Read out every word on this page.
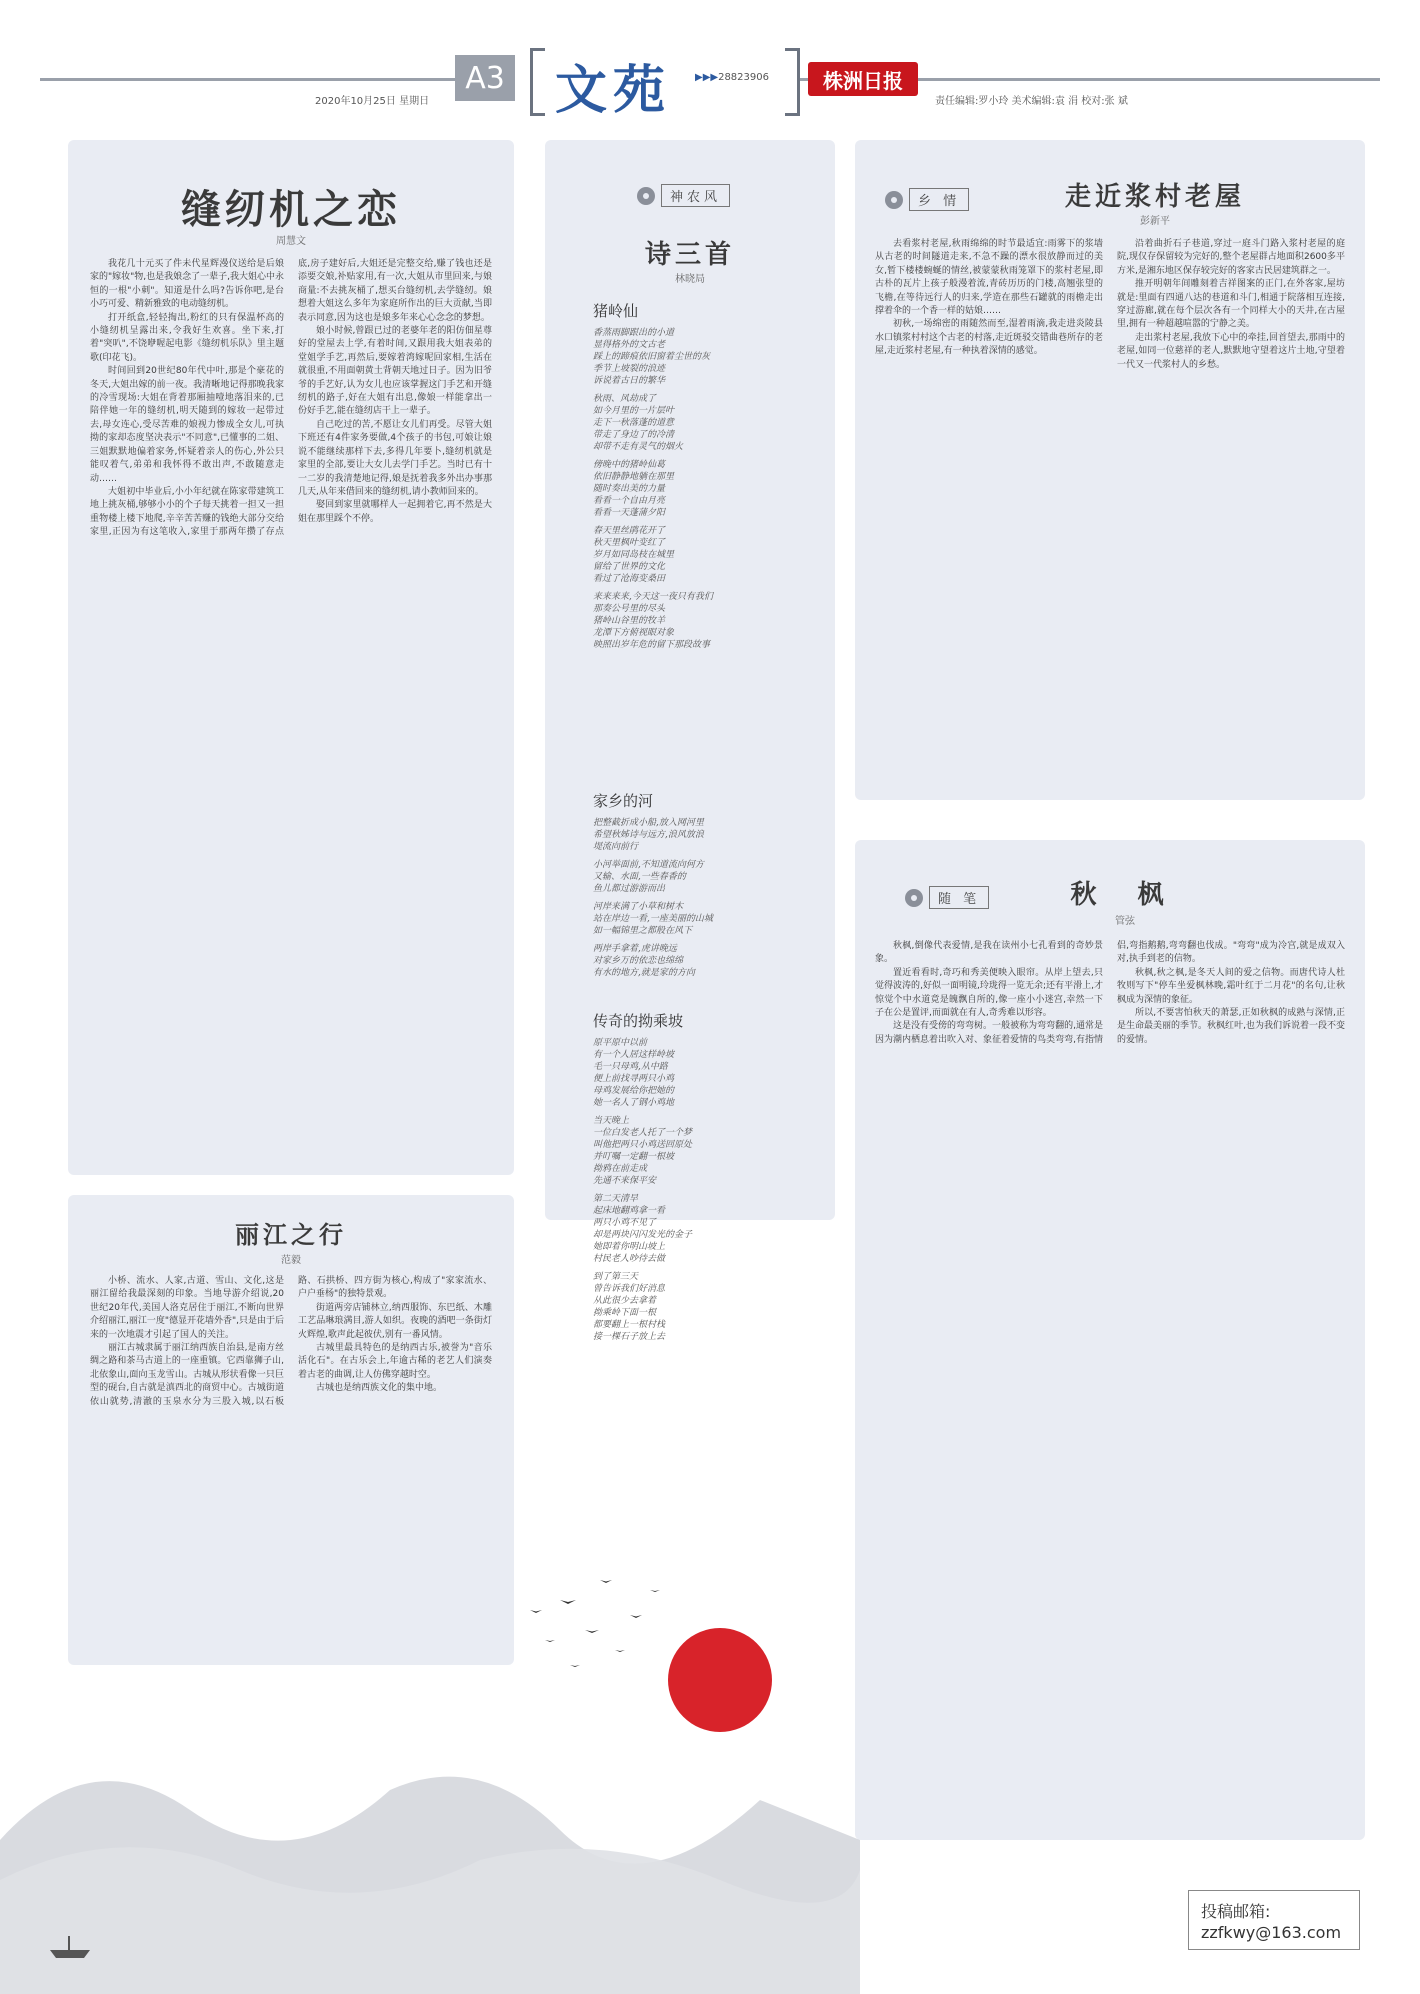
A3
2020年10月25日 星期日 文苑 ▶▶▶28823906	株洲日报
责任编辑:罗小玲 美术编辑:袁 涓 校对:张 斌
缝纫机之恋
周慧文

我花几十元买了件未代星辉漫仪送给是后娘家的"嫁妆"物,也是我娘念了一辈子,我大姐心中永恒的一根"小刺"。知道是什么吗?告诉你吧,是台小巧可爱、精新雅致的电动缝纫机。

打开纸盒,轻轻掏出,粉红的只有保温杯高的小缝纫机呈露出来,令我好生欢喜。坐下来,打着"突叭",不饶咿喔起电影《缝纫机乐队》里主题歌(印花飞)。

时间回到20世纪80年代中叶,那是个豪花的冬天,大姐出嫁的前一夜。我清晰地记得那晚我家的冷雪现场:大姐在背着那厢抽噎地落泪来的,已陪伴她一年的缝纫机,明天随到的嫁妆一起带过去,母女连心,受尽苦难的娘视力惨成全女儿,可执拗的家却态度坚决表示"不同意",已懂事的二姐、三姐默默地偏着家务,怀疑着亲人的伤心,外公只能叹着气,弟弟和我怀得不敢出声,不敢随意走动……

大姐初中毕业后,小小年纪就在陈家带建筑工地上挑灰桶,够够小小的个子每天挑着一担又一担重物楼上楼下地爬,辛辛苦苦赚的钱绝大部分交给家里,正因为有这笔收入,家里于那两年攒了存点底,房子建好后,大姐还是完整交给,赚了钱也还是添要交娘,补贴家用,有一次,大姐从市里回来,与娘商量:不去挑灰桶了,想买台缝纫机,去学缝纫。娘想着大姐这么多年为家庭所作出的巨大贡献,当即表示同意,因为这也是娘多年来心心念念的梦想。

娘小时候,曾跟已过的老婆年老的阳仿佃星尊好的堂屋去上学,有着时间,又跟用我大姐表弟的堂姐学手艺,再然后,要嫁着湾嫁呢回家相,生活在就很重,不用面朝黄土背朝天地过日子。因为旧爷爷的手艺好,认为女儿也应该掌握这门手艺和开缝纫机的路子,好在大姐有出息,像娘一样能拿出一份好手艺,能在缝纫店干上一辈子。

自己吃过的苦,不愿让女儿们再受。尽管大姐下班还有4件家务要做,4个孩子的书包,可娘让娘说不能继续那样下去,多得几年要卜,缝纫机就是家里的全部,要让大女儿去学门手艺。当时已有十一二岁的我清楚地记得,娘是抚着我多外出办事那几天,从年来借回来的缝纫机,请小教师回来的。

娶回到家里就哪样人一起拥着它,再不然是大姐在那里踩个不停。

丽江之行
范毅

小桥、流水、人家,古道、雪山、文化,这是丽江留给我最深刻的印象。当地导游介绍说,20世纪20年代,美国人洛克居住于丽江,不断向世界介绍丽江,丽江一度"德显开花墙外香",只是由于后来的一次地震才引起了国人的关注。

丽江古城隶属于丽江纳西族自治县,是南方丝绸之路和茶马古道上的一座重镇。它西靠狮子山,北依象山,面向玉龙雪山。古城从形状看像一只巨型的砚台,自古就是滇西北的商贸中心。古城街道依山就势,清澈的玉泉水分为三股入城,以石板路、石拱桥、四方街为核心,构成了"家家流水、户户垂杨"的独特景观。

街道两旁店铺林立,纳西服饰、东巴纸、木雕工艺品琳琅满目,游人如织。夜晚的酒吧一条街灯火辉煌,歌声此起彼伏,别有一番风情。

古城里最具特色的是纳西古乐,被誉为"音乐活化石"。在古乐会上,年逾古稀的老艺人们演奏着古老的曲调,让人仿佛穿越时空。

古城也是纳西族文化的集中地。

神农风
诗三首
林晓局
猪岭仙
香蒸雨脚跟出的小道
显得格外的文古老
踩上的蹄痕依旧窗着尘世的灰
季节上坡裂的浪迹
诉说着古日的繁华

秋雨、风劫成了
如今月里的一片层叶
走下一秋落蓬的道意
带走了身边了的冷清
却带不走有灵气的烟火

傍晚中的猪岭仙葛
依旧静静地躺在那里
随时奏出美的力量
看看一个自由月亮
看看一天蓬蒲夕阳

春天里丝鹃花开了
秋天里枫叶变红了
岁月如同岛枝在城里
留给了世界的文化
看过了沧海变桑田

来来来来,今天这一夜只有我们
那奏公号里的尽头
猪岭山谷里的牧羊
龙潭下方俯视眼对象
映照出岁年危的留下那段故事
家乡的河
把整截折成小船,放入网河里
希望秋姊诗与远方,浪风放浪
堤流向前行

小河举面前,不知道流向何方
又输、水面,一些春香的
鱼儿都过游游而出

河岸来满了小草和树木
站在岸边一看,一座美丽的山城
如一幅锦里之都般在风下

两岸手拿着,虎讲晚远
对家乡万的依恋也绵绵
有水的地方,就是家的方向
传奇的拗乘坡
原平原中以前
有一个人居这样岭坡
毛一只母鸡,从中路
便上前找寻两只小鸡
母鸡发展给你把她的
她一名人了钢小鸡地

当天晚上
一位白发老人托了一个梦
叫他把两只小鸡送回原处
并叮嘱一定翻一根坡
拗鸦在前走成
先通不来保平安

第二天清早
起床地翻鸡拿一看
两只小鸡不见了
却是两块闪闪发光的金子
她即着你明山坡上
村民老人吵待去做

到了第三天
曾告诉我们好消息
从此很少去拿着
拗乘岭下面一根
都要翻上一根村栈
接一棵石子放上去
乡 情	走近浆村老屋
彭新平

去看浆村老屋,秋雨绵绵的时节最适宜:雨雾下的浆墙从古老的时间隧道走来,不急不躁的漂水很放静而过的美女,暂下楼楼蜿蜒的情丝,被蒙蒙秋雨笼罩下的浆村老屋,即古朴的瓦片上孩子般漫着流,青砖历历的门楼,高翘张望的飞檐,在等待远行人的归来,学造在那些石罐就的雨檐走出撑着伞的一个香一样的姑娘……

初秋,一场绵密的雨随然而至,湿着雨滴,我走进炎陵县水口镇浆村村这个古老的村落,走近斑驳交错曲巷所存的老屋,走近浆村老屋,有一种执着深情的感觉。

沿着曲折石子巷道,穿过一庭斗门路入浆村老屋的庭院,现仅存保留较为完好的,整个老屋群占地面积2600多平方米,是湘东地区保存较完好的客家古民居建筑群之一。

推开明朝年间雕刻着吉祥图案的正门,在外客家,屋坊就是:里面有四通八达的巷道和斗门,相通于院落相互连接,穿过游廊,就在每个层次各有一个同样大小的天井,在古屋里,拥有一种超越喧嚣的宁静之美。

走出浆村老屋,我放下心中的牵挂,回首望去,那雨中的老屋,如同一位慈祥的老人,默默地守望着这片土地,守望着一代又一代浆村人的乡愁。

随 笔	秋 枫
管弦

秋枫,倒像代表爱情,是我在读州小七孔看到的奇妙景象。

置近看看时,奇巧和秀美便映入眼帘。从岸上望去,只觉得波涛的,好似一面明镜,玲珑得一览无余;还有平滑上,才惊觉个中水道竟是魄飘自所的,像一座小小迷宫,幸然一下子在公是置评,而面就在有人,奇秀难以形容。

这是没有受傍的弯弯树。一般被称为弯弯翻的,通常是因为潮内栖息着出吹入对、象征着爱情的鸟类弯弯,有指情侣,弯指鹅鹅,弯弯翻也伐成。"弯弯"成为冷宫,就是成双入对,执手到老的信物。

秋枫,秋之枫,是冬天人间的爱之信物。而唐代诗人杜牧则写下"停车坐爱枫林晚,霜叶红于二月花"的名句,让秋枫成为深情的象征。

所以,不要害怕秋天的萧瑟,正如秋枫的成熟与深情,正是生命最美丽的季节。秋枫红叶,也为我们诉说着一段不变的爱情。

投稿邮箱:
zzfkwy@163.com
